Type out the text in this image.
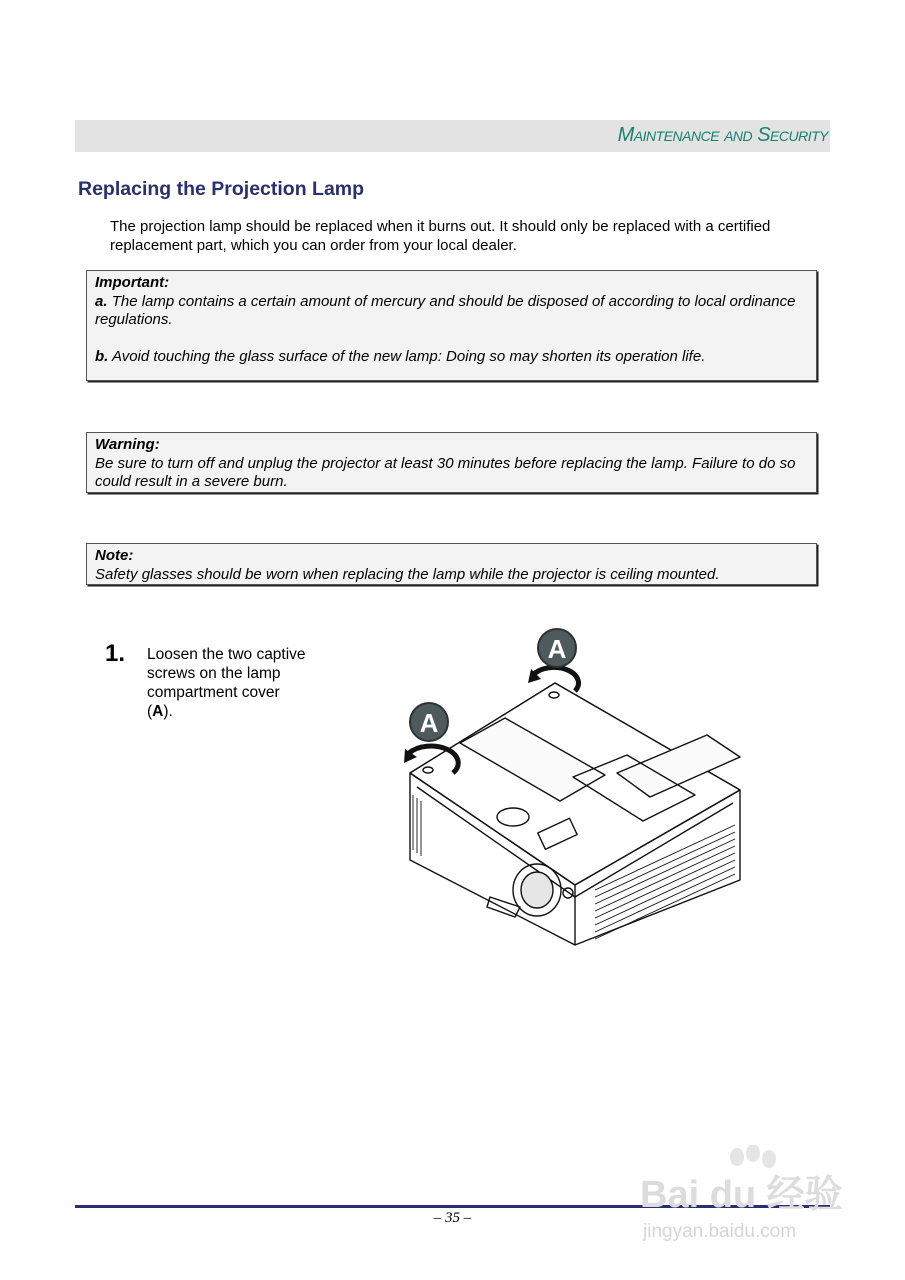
Maintenance and Security
Replacing the Projection Lamp

The projection lamp should be replaced when it burns out. It should only be replaced with a certified replacement part, which you can order from your local dealer.

Important:

a. The lamp contains a certain amount of mercury and should be disposed of according to local ordinance regulations.

b. Avoid touching the glass surface of the new lamp: Doing so may shorten its operation life.

Warning:

Be sure to turn off and unplug the projector at least 30 minutes before replacing the lamp. Failure to do so could result in a severe burn.

Note:

Safety glasses should be worn when replacing the lamp while the projector is ceiling mounted.

1. Loosen the two captive screws on the lamp compartment cover (A).

A
A
– 35 –
Bai du 经验
jingyan.baidu.com
